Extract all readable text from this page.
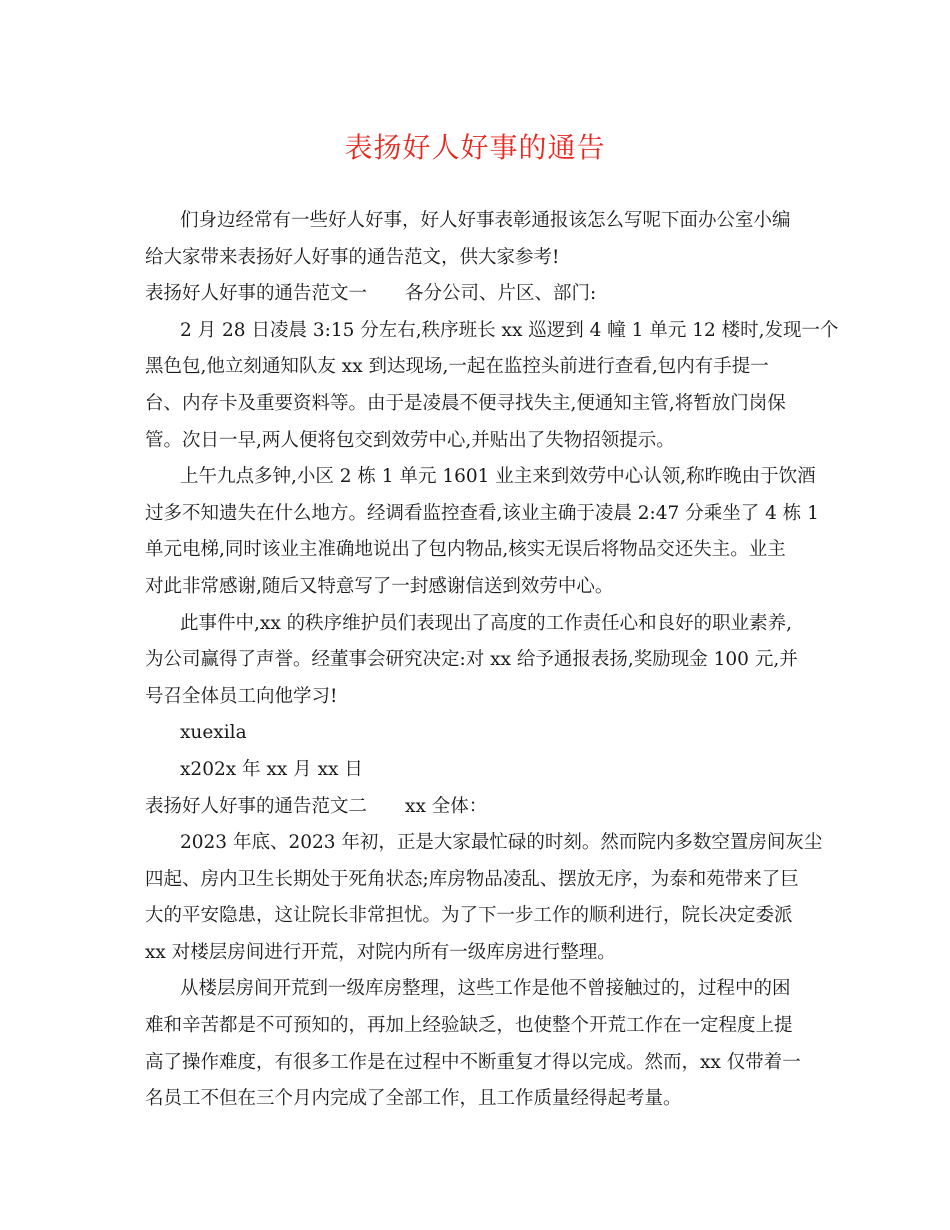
表扬好人好事的通告
们身边经常有一些好人好事，好人好事表彰通报该怎么写呢下面办公室小编
给大家带来表扬好人好事的通告范文，供大家参考!
表扬好人好事的通告范文一 各分公司、片区、部门:
2 月 28 日凌晨 3:15 分左右,秩序班长 xx 巡逻到 4 幢 1 单元 12 楼时,发现一个
黑色包,他立刻通知队友 xx 到达现场,一起在监控头前进行查看,包内有手提一
台、内存卡及重要资料等。由于是凌晨不便寻找失主,便通知主管,将暂放门岗保
管。次日一早,两人便将包交到效劳中心,并贴出了失物招领提示。
上午九点多钟,小区 2 栋 1 单元 1601 业主来到效劳中心认领,称昨晚由于饮酒
过多不知遗失在什么地方。经调看监控查看,该业主确于凌晨 2:47 分乘坐了 4 栋 1
单元电梯,同时该业主准确地说出了包内物品,核实无误后将物品交还失主。业主
对此非常感谢,随后又特意写了一封感谢信送到效劳中心。
此事件中,xx 的秩序维护员们表现出了高度的工作责任心和良好的职业素养,
为公司赢得了声誉。经董事会研究决定:对 xx 给予通报表扬,奖励现金 100 元,并
号召全体员工向他学习!
xuexila
x202x 年 xx 月 xx 日
表扬好人好事的通告范文二 xx 全体：
2023 年底、2023 年初，正是大家最忙碌的时刻。然而院内多数空置房间灰尘
四起、房内卫生长期处于死角状态;库房物品凌乱、摆放无序，为泰和苑带来了巨
大的平安隐患，这让院长非常担忧。为了下一步工作的顺利进行，院长决定委派
xx 对楼层房间进行开荒，对院内所有一级库房进行整理。
从楼层房间开荒到一级库房整理，这些工作是他不曾接触过的，过程中的困
难和辛苦都是不可预知的，再加上经验缺乏，也使整个开荒工作在一定程度上提
高了操作难度，有很多工作是在过程中不断重复才得以完成。然而，xx 仅带着一
名员工不但在三个月内完成了全部工作，且工作质量经得起考量。
